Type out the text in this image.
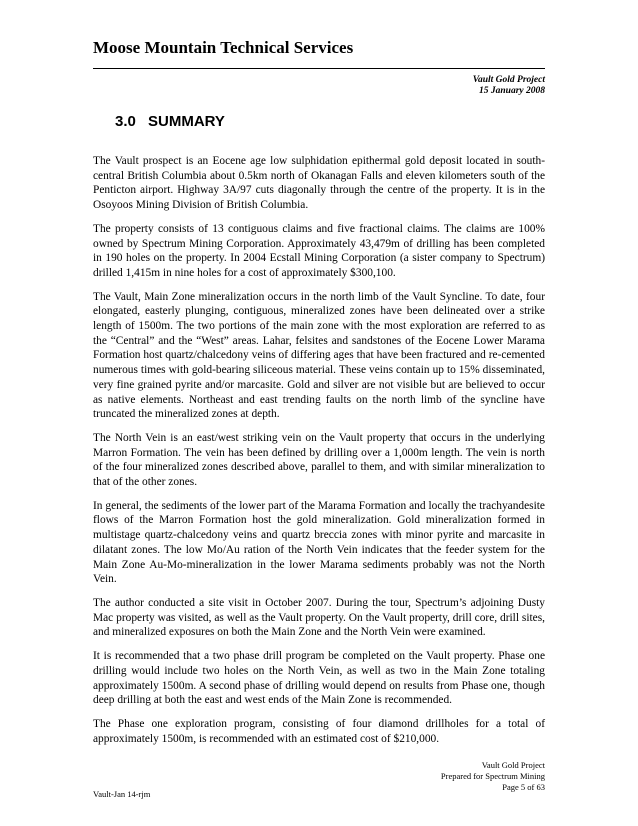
Moose Mountain Technical Services
Vault Gold Project
15 January 2008
3.0 SUMMARY

The Vault prospect is an Eocene age low sulphidation epithermal gold deposit located in south-central British Columbia about 0.5km north of Okanagan Falls and eleven kilometers south of the Penticton airport. Highway 3A/97 cuts diagonally through the centre of the property. It is in the Osoyoos Mining Division of British Columbia.

The property consists of 13 contiguous claims and five fractional claims. The claims are 100% owned by Spectrum Mining Corporation. Approximately 43,479m of drilling has been completed in 190 holes on the property. In 2004 Ecstall Mining Corporation (a sister company to Spectrum) drilled 1,415m in nine holes for a cost of approximately $300,100.

The Vault, Main Zone mineralization occurs in the north limb of the Vault Syncline. To date, four elongated, easterly plunging, contiguous, mineralized zones have been delineated over a strike length of 1500m. The two portions of the main zone with the most exploration are referred to as the “Central” and the “West” areas. Lahar, felsites and sandstones of the Eocene Lower Marama Formation host quartz/chalcedony veins of differing ages that have been fractured and re-cemented numerous times with gold-bearing siliceous material. These veins contain up to 15% disseminated, very fine grained pyrite and/or marcasite. Gold and silver are not visible but are believed to occur as native elements. Northeast and east trending faults on the north limb of the syncline have truncated the mineralized zones at depth.

The North Vein is an east/west striking vein on the Vault property that occurs in the underlying Marron Formation. The vein has been defined by drilling over a 1,000m length. The vein is north of the four mineralized zones described above, parallel to them, and with similar mineralization to that of the other zones.

In general, the sediments of the lower part of the Marama Formation and locally the trachyandesite flows of the Marron Formation host the gold mineralization. Gold mineralization formed in multistage quartz-chalcedony veins and quartz breccia zones with minor pyrite and marcasite in dilatant zones. The low Mo/Au ration of the North Vein indicates that the feeder system for the Main Zone Au-Mo-mineralization in the lower Marama sediments probably was not the North Vein.

The author conducted a site visit in October 2007. During the tour, Spectrum’s adjoining Dusty Mac property was visited, as well as the Vault property. On the Vault property, drill core, drill sites, and mineralized exposures on both the Main Zone and the North Vein were examined.

It is recommended that a two phase drill program be completed on the Vault property. Phase one drilling would include two holes on the North Vein, as well as two in the Main Zone totaling approximately 1500m. A second phase of drilling would depend on results from Phase one, though deep drilling at both the east and west ends of the Main Zone is recommended.

The Phase one exploration program, consisting of four diamond drillholes for a total of approximately 1500m, is recommended with an estimated cost of $210,000.

Vault Gold Project
Prepared for Spectrum Mining
Page 5 of 63
Vault-Jan 14-rjm
